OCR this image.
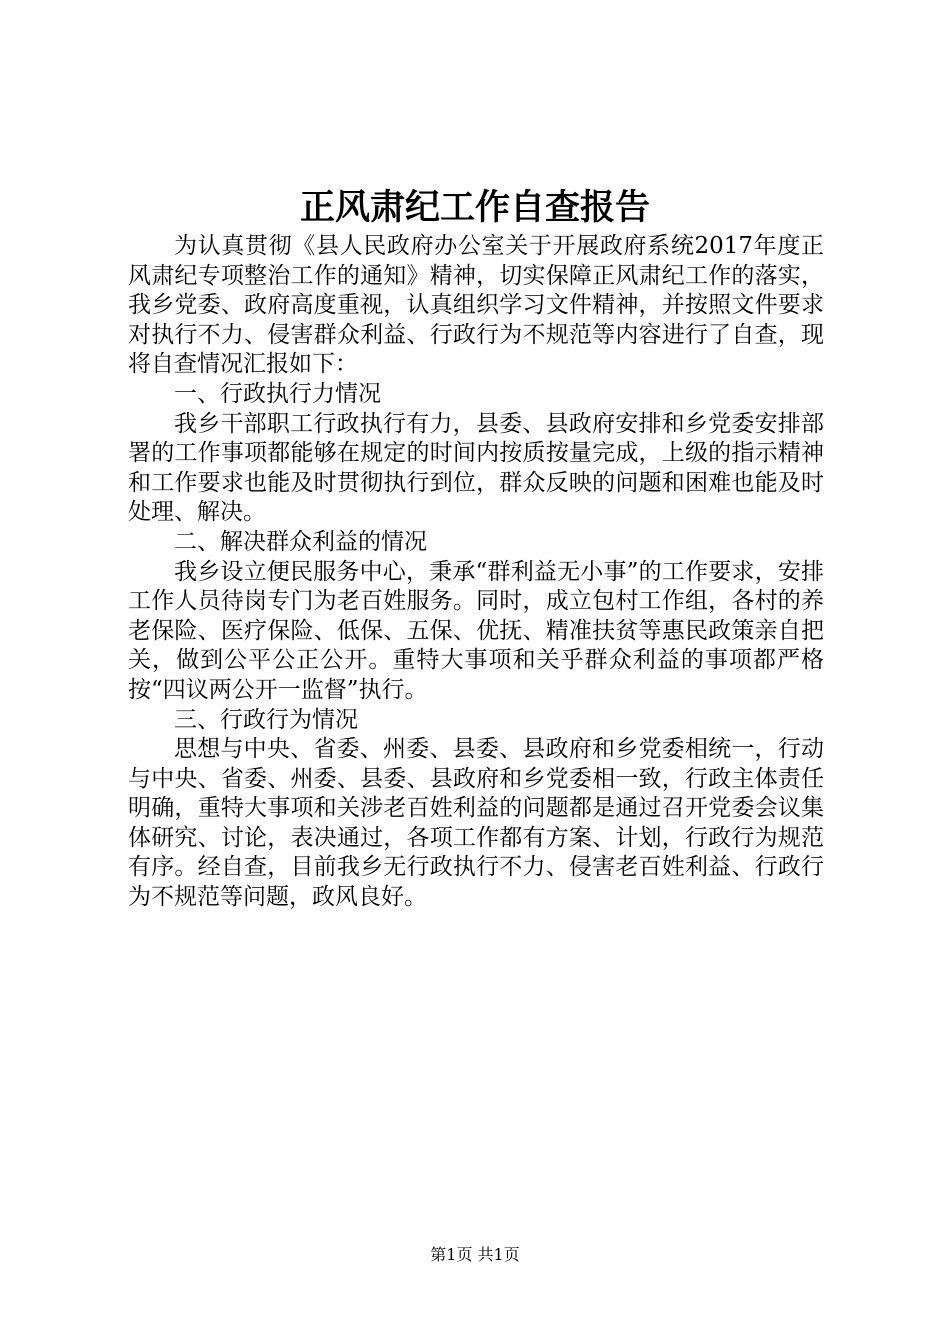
正风肃纪工作自查报告

为认真贯彻《县人民政府办公室关于开展政府系统2017年度正风肃纪专项整治工作的通知》精神，切实保障正风肃纪工作的落实，我乡党委、政府高度重视，认真组织学习文件精神，并按照文件要求对执行不力、侵害群众利益、行政行为不规范等内容进行了自查，现将自查情况汇报如下：

一、行政执行力情况

我乡干部职工行政执行有力，县委、县政府安排和乡党委安排部署的工作事项都能够在规定的时间内按质按量完成，上级的指示精神和工作要求也能及时贯彻执行到位，群众反映的问题和困难也能及时处理、解决。

二、解决群众利益的情况

我乡设立便民服务中心，秉承“群利益无小事”的工作要求，安排工作人员待岗专门为老百姓服务。同时，成立包村工作组，各村的养老保险、医疗保险、低保、五保、优抚、精准扶贫等惠民政策亲自把关，做到公平公正公开。重特大事项和关乎群众利益的事项都严格按“四议两公开一监督”执行。

三、行政行为情况

思想与中央、省委、州委、县委、县政府和乡党委相统一，行动与中央、省委、州委、县委、县政府和乡党委相一致，行政主体责任明确，重特大事项和关涉老百姓利益的问题都是通过召开党委会议集体研究、讨论，表决通过，各项工作都有方案、计划，行政行为规范有序。经自查，目前我乡无行政执行不力、侵害老百姓利益、行政行为不规范等问题，政风良好。

第1页 共1页
